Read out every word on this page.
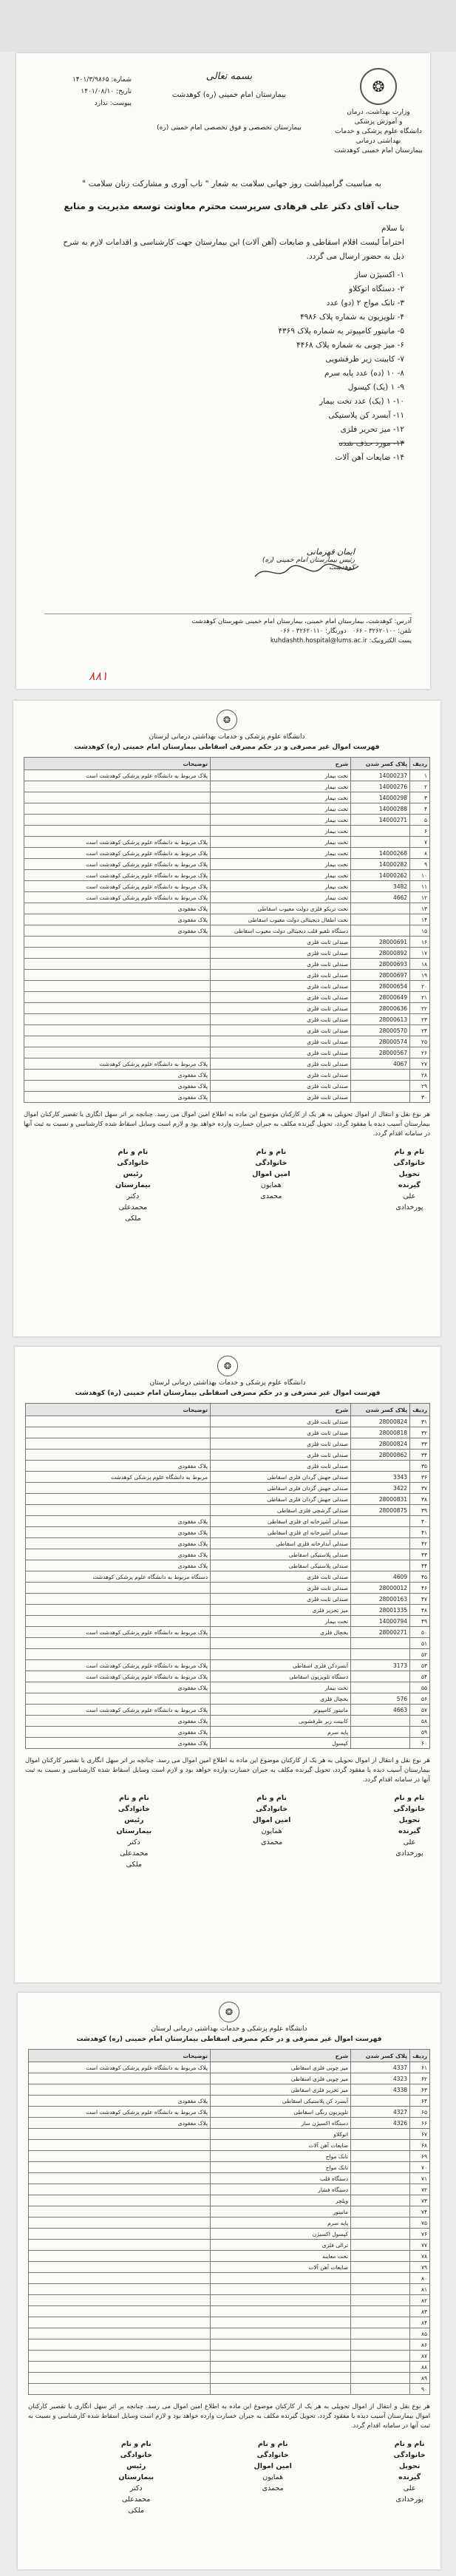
❂
وزارت بهداشت، درمان
و آموزش پزشکی
دانشگاه علوم پزشکی و خدمات
بهداشتی درمانی
بیمارستان امام خمینی کوهدشت
بسمه تعالی
بیمارستان امام خمینی (ره) کوهدشت
بیمارستان تخصصی و فوق تخصصی امام خمینی (ره)
شماره: ۱۴۰۱/۳/۹۸۶۵
تاریخ: ۱۴۰۱/۰۸/۱۰
پیوست: ندارد
به مناسبت گرامیداشت روز جهانی سلامت به شعار " تاب آوری و مشارکت زنان سلامت "
جناب آقای دکتر علی فرهادی سرپرست محترم معاونت توسعه مدیریت و منابع
با سلام
احتراماً لیست اقلام اسقاطی و ضایعات (آهن آلات) این بیمارستان جهت کارشناسی و اقدامات لازم به شرح ذیل به حضور ارسال می گردد.
۱- اکسیژن ساز
۲- دستگاه اتوکلاو
۳- تانک مواج ۲ (دو) عدد
۴- تلویزیون به شماره پلاک ۴۹۸۶
۵- مانیتور کامپیوتر به شماره پلاک ۴۳۶۹
۶- میز چوبی به شماره پلاک ۴۴۶۸
۷- کابینت زیر ظرفشویی
۸- ۱۰ (ده) عدد پایه سرم
۹- ۱ (یک) کپسول
۱۰- ۱ (یک) عدد تخت بیمار
۱۱- آبسرد کن پلاستیکی
۱۲- میز تحریر فلزی
۱۳- مورد حذف شده
۱۴- ضایعات آهن آلات
ایمان قهرمانی
رئیس بیمارستان امام خمینی (ره) کوهدشت
آدرس: کوهدشت، بیمارستان امام خمینی، بیمارستان امام خمینی شهرستان کوهدشت
تلفن: ۳۲۶۲۰۱۰۰ - ۰۶۶   دورنگار: ۳۲۶۲۰۱۱۰ - ۰۶۶
پست الکترونیک: kuhdashth.hospital@lums.ac.ir
۸۸۱
❂
دانشگاه علوم پزشکی و خدمات بهداشتی درمانی لرستان
فهرست اموال غیر مصرفی و در حکم مصرفی اسقاطی بیمارستان امام خمینی (ره) کوهدشت
ردیف	پلاک کسر شدن	شرح	توضیحات
۱	14000237	تخت بیمار	پلاک مربوط به دانشگاه علوم پزشکی کوهدشت است
۲	14000276	تخت بیمار	
۳	14000298	تخت بیمار	
۴	14000288	تخت بیمار	
۵	14000271	تخت بیمار	
۶		تخت بیمار	
۷		تخت بیمار	پلاک مربوط به دانشگاه علوم پزشکی کوهدشت است
۸	14000268	تخت بیمار	پلاک مربوط به دانشگاه علوم پزشکی کوهدشت است
۹	14000282	تخت بیمار	پلاک مربوط به دانشگاه علوم پزشکی کوهدشت است
۱۰	14000262	تخت بیمار	پلاک مربوط به دانشگاه علوم پزشکی کوهدشت است
۱۱	3482	تخت بیمار	پلاک مربوط به دانشگاه علوم پزشکی کوهدشت است
۱۲	4662	تخت بیمار	پلاک مربوط به دانشگاه علوم پزشکی کوهدشت است
۱۳		تخت تریکو فلزی دولت معیوب اسقاطی	پلاک مفقودی
۱۴		تخت اطفال دیجیتالی دولت معیوب اسقاطی	پلاک مفقودی
۱۵		دستگاه تلفیو قلب دیجیتالی دولت معیوب اسقاطی	پلاک مفقودی
۱۶	28000691	صندلی ثابت فلزی	
۱۷	28000892	صندلی ثابت فلزی	
۱۸	28000693	صندلی ثابت فلزی	
۱۹	28000697	صندلی ثابت فلزی	
۲۰	28000654	صندلی ثابت فلزی	
۲۱	28000649	صندلی ثابت فلزی	
۲۲	28000636	صندلی ثابت فلزی	
۲۳	28000613	صندلی ثابت فلزی	
۲۴	28000570	صندلی ثابت فلزی	
۲۵	28000574	صندلی ثابت فلزی	
۲۶	28000567	صندلی ثابت فلزی	
۲۷	4067	صندلی ثابت فلزی	پلاک مربوط به دانشگاه علوم پزشکی کوهدشت
۲۸		صندلی ثابت فلزی	پلاک مفقودی
۲۹		صندلی ثابت فلزی	پلاک مفقودی
۳۰		صندلی ثابت فلزی	پلاک مفقودی
هر نوع نقل و انتقال از اموال تحویلی به هر یک از کارکنان موضوع این ماده به اطلاع امین اموال می رسد. چنانچه بر اثر سهل انگاری یا تقصیر کارکنان اموال بیمارستان آسیب دیده یا مفقود گردد، تحویل گیرنده مکلف به جبران خسارت وارده خواهد بود و لازم است وسایل اسقاط شده کارشناسی و نسبت به ثبت آنها در سامانه اقدام گردد.
نام و نام خانوادگی تحویل گیرنده
علی پورخدادی
نام و نام خانوادگی امین اموال
همایون محمدی
نام و نام خانوادگی رئیس بیمارستان
دکتر محمدعلی ملکی
❂
دانشگاه علوم پزشکی و خدمات بهداشتی درمانی لرستان
فهرست اموال غیر مصرفی و در حکم مصرفی اسقاطی بیمارستان امام خمینی (ره) کوهدشت
ردیف	پلاک کسر شدن	شرح	توضیحات
۳۱	28000824	صندلی ثابت فلزی	
۳۲	28000818	صندلی ثابت فلزی	
۳۳	28000824	صندلی ثابت فلزی	
۳۴	28000862	صندلی ثابت فلزی	
۳۵		صندلی ثابت فلزی	پلاک مفقودی
۳۶	3343	صندلی جهش گردان فلزی اسقاطی	مربوط به دانشگاه علوم پزشکی کوهدشت
۳۷	3422	صندلی جهش گردان فلزی اسقاطی	
۳۸	28000831	صندلی جهش گردان فلزی اسقاطی	
۳۹	28000875	صندلی گرشچی فلزی اسقاطی	
۴۰		صندلی آشپزخانه ای فلزی اسقاطی	پلاک مفقودی
۴۱		صندلی آشپزخانه ای فلزی اسقاطی	پلاک مفقودی
۴۲		صندلی آبدارخانه فلزی اسقاطی	پلاک مفقودی
۴۳		صندلی پلاستیکی اسقاطی	پلاک مفقودی
۴۴		صندلی پلاستیکی اسقاطی	پلاک مفقودی
۴۵	4609	صندلی ثابت فلزی	دستگاه مربوط به دانشگاه علوم پزشکی کوهدشت
۴۶	28000012	صندلی ثابت فلزی	
۴۷	28000163	صندلی ثابت فلزی	
۴۸	28001335	میز تحریر فلزی	
۴۹	14000794	تخت بیمار	
۵۰	28000271	یخچال فلزی	پلاک مربوط به دانشگاه علوم پزشکی کوهدشت است
۵۱			
۵۲			
۵۳	3173	آبسردکن فلزی اسقاطی	پلاک مربوط به دانشگاه علوم پزشکی کوهدشت است
۵۴		دستگاه تلویزیون اسقاطی	پلاک مربوط به دانشگاه علوم پزشکی کوهدشت است
۵۵		تخت بیمار	پلاک مفقودی
۵۶	576	یخچال فلزی	
۵۷	4663	مانیتور کامپیوتر	پلاک مربوط به دانشگاه علوم پزشکی کوهدشت است
۵۸		کابینت زیر ظرفشویی	پلاک مفقودی
۵۹		پایه سرم	پلاک مفقودی
۶۰		کپسول	پلاک مفقودی
هر نوع نقل و انتقال از اموال تحویلی به هر یک از کارکنان موضوع این ماده به اطلاع امین اموال می رسد. چنانچه بر اثر سهل انگاری یا تقصیر کارکنان اموال بیمارستان آسیب دیده یا مفقود گردد، تحویل گیرنده مکلف به جبران خسارت وارده خواهد بود و لازم است وسایل اسقاط شده کارشناسی و نسبت به ثبت آنها در سامانه اقدام گردد.
نام و نام خانوادگی تحویل گیرنده
علی پورخدادی
نام و نام خانوادگی امین اموال
همایون محمدی
نام و نام خانوادگی رئیس بیمارستان
دکتر محمدعلی ملکی
❂
دانشگاه علوم پزشکی و خدمات بهداشتی درمانی لرستان
فهرست اموال غیر مصرفی و در حکم مصرفی اسقاطی بیمارستان امام خمینی (ره) کوهدشت
ردیف	پلاک کسر شدن	شرح	توضیحات
۶۱	4337	میز چوبی فلزی اسقاطی	پلاک مربوط به دانشگاه علوم پزشکی کوهدشت است
۶۲	4323	میز چوبی فلزی اسقاطی	
۶۳	4338	میز تحریر فلزی اسقاطی	
۶۴		آبسرد کن پلاستیکی اسقاطی	پلاک مفقودی
۶۵	4327	تلویزیون رنگی اسقاطی	پلاک مربوط به دانشگاه علوم پزشکی کوهدشت است
۶۶	4326	دستگاه اکسیژن ساز	پلاک مفقودی
۶۷		اتوکلاو	
۶۸		ضایعات آهن آلات	
۶۹		تانک مواج	
۷۰		تانک مواج	
۷۱		دستگاه قلب	
۷۲		دستگاه فشار	
۷۳		ویلچر	
۷۴		مانیتور	
۷۵		پایه سرم	
۷۶		کپسول اکسیژن	
۷۷		ترالی فلزی	
۷۸		تخت معاینه	
۷۹		ضایعات آهن آلات	
۸۰			
۸۱			
۸۲			
۸۳			
۸۴			
۸۵			
۸۶			
۸۷			
۸۸			
۸۹			
۹۰			
هر نوع نقل و انتقال از اموال تحویلی به هر یک از کارکنان موضوع این ماده به اطلاع امین اموال می رسد. چنانچه بر اثر سهل انگاری یا تقصیر کارکنان اموال بیمارستان آسیب دیده یا مفقود گردد، تحویل گیرنده مکلف به جبران خسارت وارده خواهد بود و لازم است وسایل اسقاط شده کارشناسی و نسبت به ثبت آنها در سامانه اقدام گردد.
نام و نام خانوادگی تحویل گیرنده
علی پورخدادی
نام و نام خانوادگی امین اموال
همایون محمدی
نام و نام خانوادگی رئیس بیمارستان
دکتر محمدعلی ملکی
